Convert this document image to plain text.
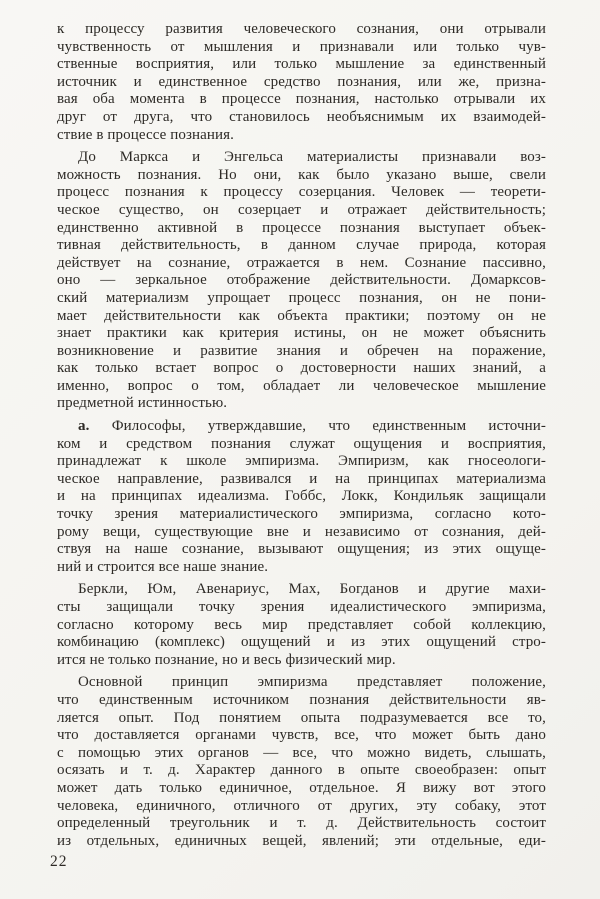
к процессу развития человеческого сознания, они отрывали
чувственность от мышления и признавали или только чув-
ственные восприятия, или только мышление за единственный
источник и единственное средство познания, или же, призна-
вая оба момента в процессе познания, настолько отрывали их
друг от друга, что становилось необъяснимым их взаимодей-
ствие в процессе познания.
До Маркса и Энгельса материалисты признавали воз-
можность познания. Но они, как было указано выше, свели
процесс познания к процессу созерцания. Человек — теорети-
ческое существо, он созерцает и отражает действительность;
единственно активной в процессе познания выступает объек-
тивная действительность, в данном случае природа, которая
действует на сознание, отражается в нем. Сознание пассивно,
оно — зеркальное отображение действительности. Домарксов-
ский материализм упрощает процесс познания, он не пони-
мает действительности как объекта практики; поэтому он не
знает практики как критерия истины, он не может объяснить
возникновение и развитие знания и обречен на поражение,
как только встает вопрос о достоверности наших знаний, а
именно, вопрос о том, обладает ли человеческое мышление
предметной истинностью.
а. Философы, утверждавшие, что единственным источни-
ком и средством познания служат ощущения и восприятия,
принадлежат к школе эмпиризма. Эмпиризм, как гносеологи-
ческое направление, развивался и на принципах материализма
и на принципах идеализма. Гоббс, Локк, Кондильяк защищали
точку зрения материалистического эмпиризма, согласно кото-
рому вещи, существующие вне и независимо от сознания, дей-
ствуя на наше сознание, вызывают ощущения; из этих ощуще-
ний и строится все наше знание.
Беркли, Юм, Авенариус, Мах, Богданов и другие махи-
сты защищали точку зрения идеалистического эмпиризма,
согласно которому весь мир представляет собой коллекцию,
комбинацию (комплекс) ощущений и из этих ощущений стро-
ится не только познание, но и весь физический мир.
Основной принцип эмпиризма представляет положение,
что единственным источником познания действительности яв-
ляется опыт. Под понятием опыта подразумевается все то,
что доставляется органами чувств, все, что может быть дано
с помощью этих органов — все, что можно видеть, слышать,
осязать и т. д. Характер данного в опыте своеобразен: опыт
может дать только единичное, отдельное. Я вижу вот этого
человека, единичного, отличного от других, эту собаку, этот
определенный треугольник и т. д. Действительность состоит
из отдельных, единичных вещей, явлений; эти отдельные, еди-
22
